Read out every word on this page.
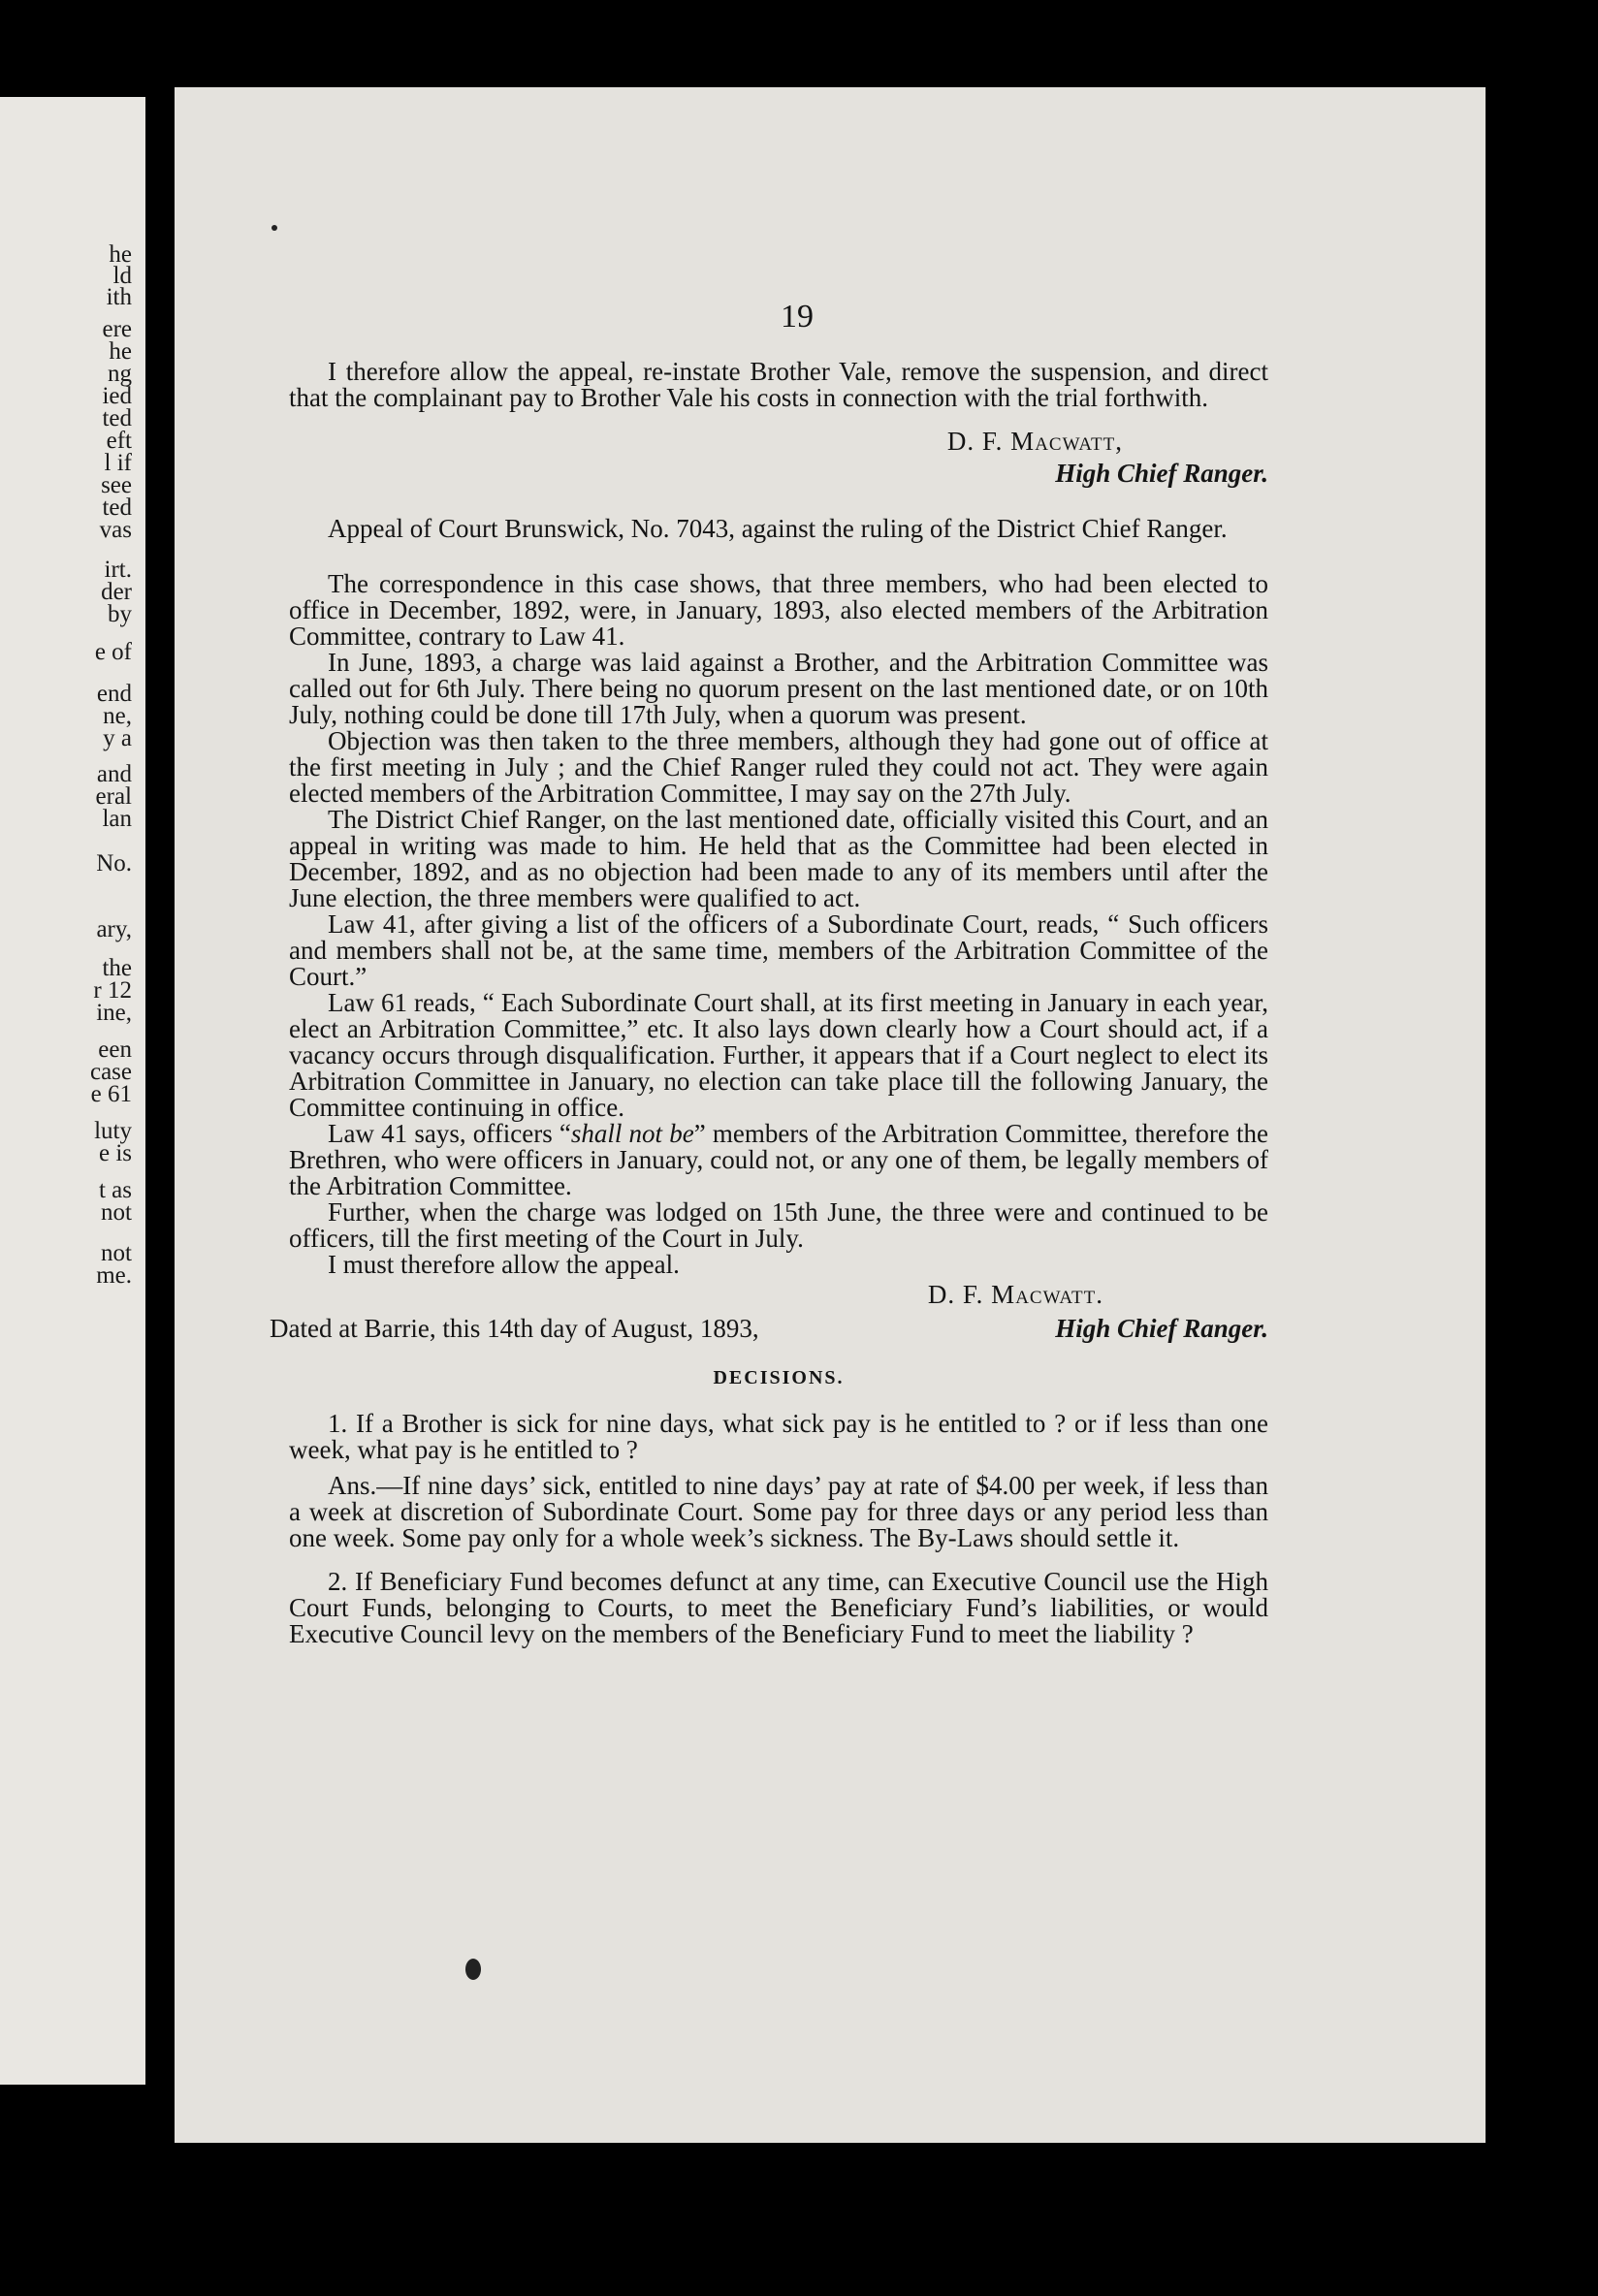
he
ld
ith
ere
he
ng
ied
ted
eft
l if
see
ted
vas
irt.
der
by
e of
end
ne,
y a
and
eral
lan
No.
ary,
the
r 12
ine,
een
case
e 61
luty
e is
t as
not
not
me.
19

I therefore allow the appeal, re-instate Brother Vale, remove the suspension, and direct that the complainant pay to Brother Vale his costs in connection with the trial forthwith.

D. F. Macwatt,

High Chief Ranger.

Appeal of Court Brunswick, No. 7043, against the ruling of the District Chief Ranger.

The correspondence in this case shows, that three members, who had been elected to office in December, 1892, were, in January, 1893, also elected members of the Arbitration Committee, contrary to Law 41.

In June, 1893, a charge was laid against a Brother, and the Arbitration Committee was called out for 6th July. There being no quorum present on the last mentioned date, or on 10th July, nothing could be done till 17th July, when a quorum was present.

Objection was then taken to the three members, although they had gone out of office at the first meeting in July ; and the Chief Ranger ruled they could not act. They were again elected members of the Arbitration Committee, I may say on the 27th July.

The District Chief Ranger, on the last mentioned date, officially visited this Court, and an appeal in writing was made to him. He held that as the Committee had been elected in December, 1892, and as no objection had been made to any of its members until after the June election, the three members were qualified to act.

Law 41, after giving a list of the officers of a Subordinate Court, reads, “ Such officers and members shall not be, at the same time, members of the Arbitration Committee of the Court.”

Law 61 reads, “ Each Subordinate Court shall, at its first meeting in January in each year, elect an Arbitration Committee,” etc. It also lays down clearly how a Court should act, if a vacancy occurs through disqualification. Further, it appears that if a Court neglect to elect its Arbitration Committee in January, no election can take place till the following January, the Committee continuing in office.

Law 41 says, officers “shall not be” members of the Arbitration Committee, therefore the Brethren, who were officers in January, could not, or any one of them, be legally members of the Arbitration Committee.

Further, when the charge was lodged on 15th June, the three were and continued to be officers, till the first meeting of the Court in July.

I must therefore allow the appeal.

D. F. Macwatt.

Dated at Barrie, this 14th day of August, 1893,	High Chief Ranger.
DECISIONS.

1. If a Brother is sick for nine days, what sick pay is he entitled to ? or if less than one week, what pay is he entitled to ?

Ans.—If nine days’ sick, entitled to nine days’ pay at rate of $4.00 per week, if less than a week at discretion of Subordinate Court. Some pay for three days or any period less than one week. Some pay only for a whole week’s sickness. The By-Laws should settle it.

2. If Beneficiary Fund becomes defunct at any time, can Executive Council use the High Court Funds, belonging to Courts, to meet the Beneficiary Fund’s liabilities, or would Executive Council levy on the members of the Beneficiary Fund to meet the liability ?
